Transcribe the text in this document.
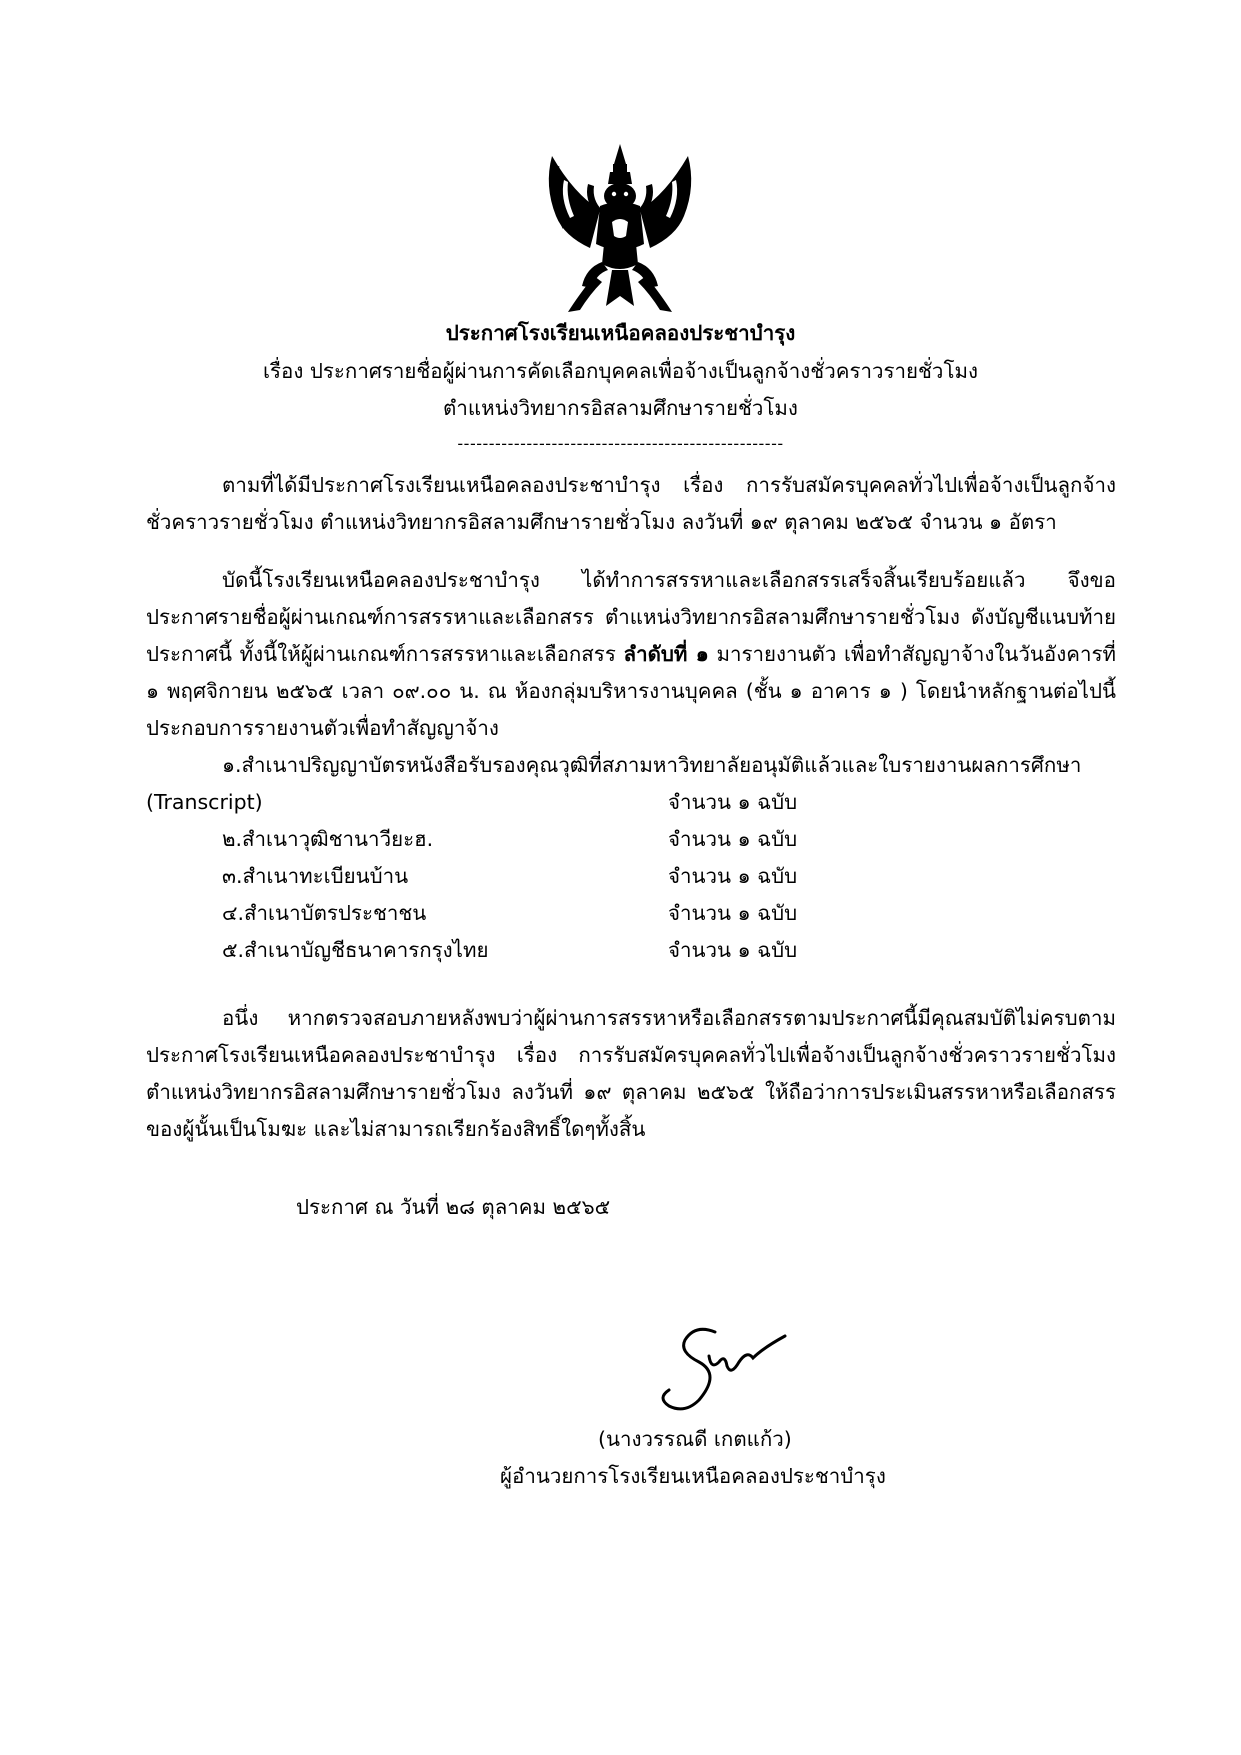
ประกาศโรงเรียนเหนือคลองประชาบำรุง
เรื่อง ประกาศรายชื่อผู้ผ่านการคัดเลือกบุคคลเพื่อจ้างเป็นลูกจ้างชั่วคราวรายชั่วโมง
ตำแหน่งวิทยากรอิสลามศึกษารายชั่วโมง
----------------------------------------------------

ตามที่ได้มีประกาศโรงเรียนเหนือคลองประชาบำรุง เรื่อง การรับสมัครบุคคลทั่วไปเพื่อจ้างเป็นลูกจ้างชั่วคราวรายชั่วโมง ตำแหน่งวิทยากรอิสลามศึกษารายชั่วโมง ลงวันที่ ๑๙ ตุลาคม ๒๕๖๕ จำนวน ๑ อัตรา

บัดนี้โรงเรียนเหนือคลองประชาบำรุง ได้ทำการสรรหาและเลือกสรรเสร็จสิ้นเรียบร้อยแล้ว จึงขอประกาศรายชื่อผู้ผ่านเกณฑ์การสรรหาและเลือกสรร ตำแหน่งวิทยากรอิสลามศึกษารายชั่วโมง ดังบัญชีแนบท้ายประกาศนี้ ทั้งนี้ให้ผู้ผ่านเกณฑ์การสรรหาและเลือกสรร ลำดับที่ ๑ มารายงานตัว เพื่อทำสัญญาจ้างในวันอังคารที่ ๑ พฤศจิกายน ๒๕๖๕ เวลา ๐๙.๐๐ น. ณ ห้องกลุ่มบริหารงานบุคคล (ชั้น ๑ อาคาร ๑ ) โดยนำหลักฐานต่อไปนี้ประกอบการรายงานตัวเพื่อทำสัญญาจ้าง

๑.สำเนาปริญญาบัตรหนังสือรับรองคุณวุฒิที่สภามหาวิทยาลัยอนุมัติแล้วและใบรายงานผลการศึกษา
(Transcript)	จำนวน ๑ ฉบับ
๒.สำเนาวุฒิชานาวียะฮ.	จำนวน ๑ ฉบับ
๓.สำเนาทะเบียนบ้าน	จำนวน ๑ ฉบับ
๔.สำเนาบัตรประชาชน	จำนวน ๑ ฉบับ
๕.สำเนาบัญชีธนาคารกรุงไทย	จำนวน ๑ ฉบับ

อนึ่ง หากตรวจสอบภายหลังพบว่าผู้ผ่านการสรรหาหรือเลือกสรรตามประกาศนี้มีคุณสมบัติไม่ครบตาม ประกาศโรงเรียนเหนือคลองประชาบำรุง เรื่อง การรับสมัครบุคคลทั่วไปเพื่อจ้างเป็นลูกจ้างชั่วคราวรายชั่วโมง ตำแหน่งวิทยากรอิสลามศึกษารายชั่วโมง ลงวันที่ ๑๙ ตุลาคม ๒๕๖๕ ให้ถือว่าการประเมินสรรหาหรือเลือกสรร ของผู้นั้นเป็นโมฆะ และไม่สามารถเรียกร้องสิทธิ์ใดๆทั้งสิ้น

ประกาศ ณ วันที่ ๒๘ ตุลาคม ๒๕๖๕
(นางวรรณดี เกตแก้ว)
ผู้อำนวยการโรงเรียนเหนือคลองประชาบำรุง
